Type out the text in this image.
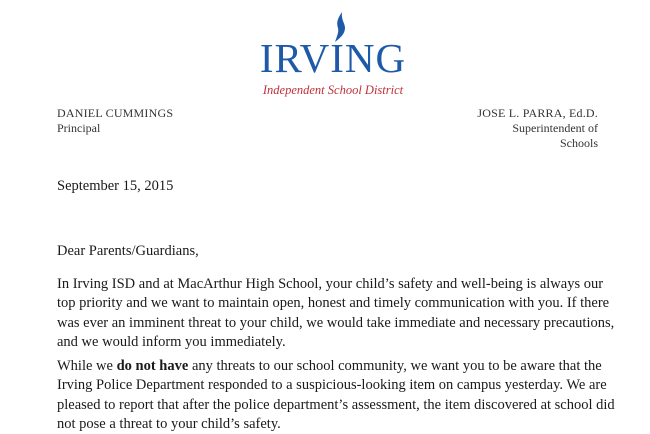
IRVING
Independent School District
DANIEL CUMMINGS
Principal
JOSE L. PARRA, Ed.D.
Superintendent of Schools
September 15, 2015
Dear Parents/Guardians,
In Irving ISD and at MacArthur High School, your child’s safety and well-being is always our
top priority and we want to maintain open, honest and timely communication with you. If there
was ever an imminent threat to your child, we would take immediate and necessary precautions,
and we would inform you immediately.
While we do not have any threats to our school community, we want you to be aware that the
Irving Police Department responded to a suspicious-looking item on campus yesterday. We are
pleased to report that after the police department’s assessment, the item discovered at school did
not pose a threat to your child’s safety.
